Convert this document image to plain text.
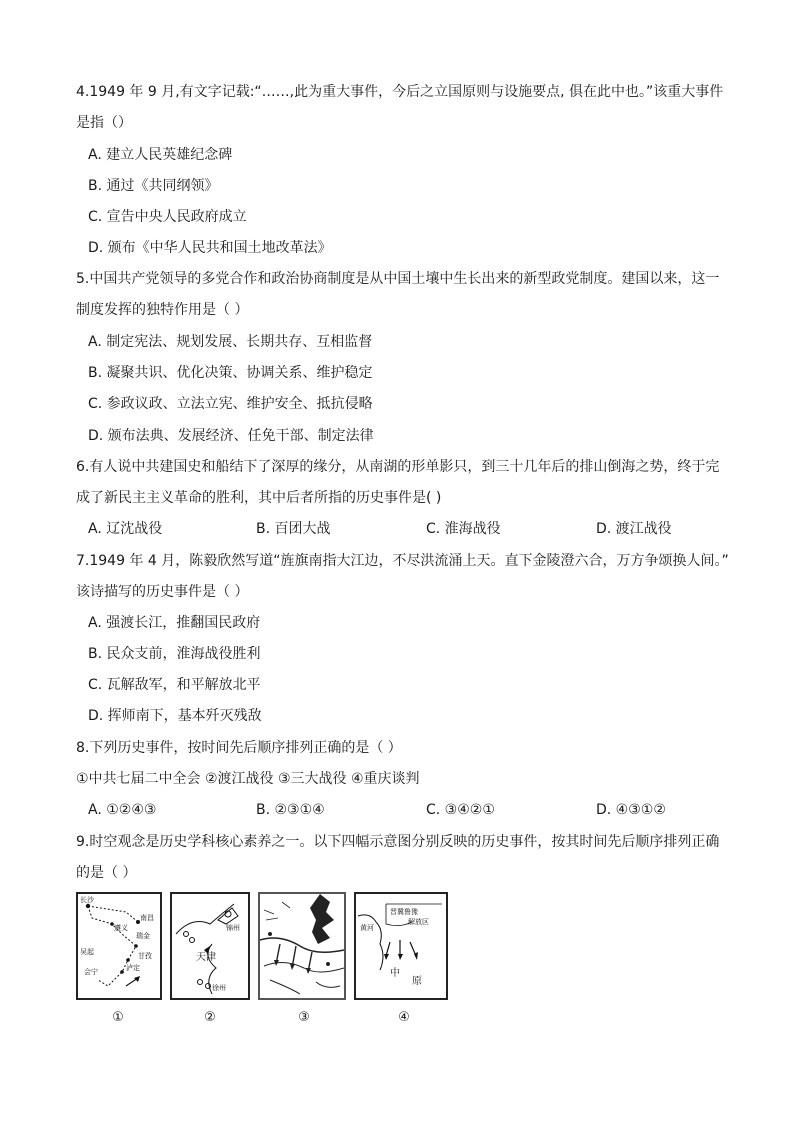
4.1949 年 9 月,有文字记载:“……,此为重大事件，今后之立国原则与设施要点, 俱在此中也。”该重大事件
是指（）
A. 建立人民英雄纪念碑
B. 通过《共同纲领》
C. 宣告中央人民政府成立
D. 颁布《中华人民共和国土地改革法》
5.中国共产党领导的多党合作和政治协商制度是从中国土壤中生长出来的新型政党制度。建国以来，这一
制度发挥的独特作用是（ ）
A. 制定宪法、规划发展、长期共存、互相监督
B. 凝聚共识、优化决策、协调关系、维护稳定
C. 参政议政、立法立宪、维护安全、抵抗侵略
D. 颁布法典、发展经济、任免干部、制定法律
6.有人说中共建国史和船结下了深厚的缘分，从南湖的形单影只，到三十几年后的排山倒海之势，终于完
成了新民主主义革命的胜利，其中后者所指的历史事件是( )
A. 辽沈战役	B. 百团大战	C. 淮海战役	D. 渡江战役
7.1949 年 4 月，陈毅欣然写道“旌旗南指大江边，不尽洪流涌上天。直下金陵澄六合，万方争颂换人间。”
该诗描写的历史事件是（ ）
A. 强渡长江，推翻国民政府
B. 民众支前，淮海战役胜利
C. 瓦解敌军，和平解放北平
D. 挥师南下，基本歼灭残敌
8.下列历史事件，按时间先后顺序排列正确的是（ ）
①中共七届二中全会 ②渡江战役 ③三大战役 ④重庆谈判
A. ①②④③	B. ②③①④	C. ③④②①	D. ④③①②
9.时空观念是历史学科核心素养之一。以下四幅示意图分别反映的历史事件，按其时间先后顺序排列正确
的是（ ）
长沙
南昌
瑞金
遵义
吴起	甘孜
泸定
会宁
锦州
天津
徐州
晋冀鲁豫
解放区
黄河
中
原
①	②	③	④
